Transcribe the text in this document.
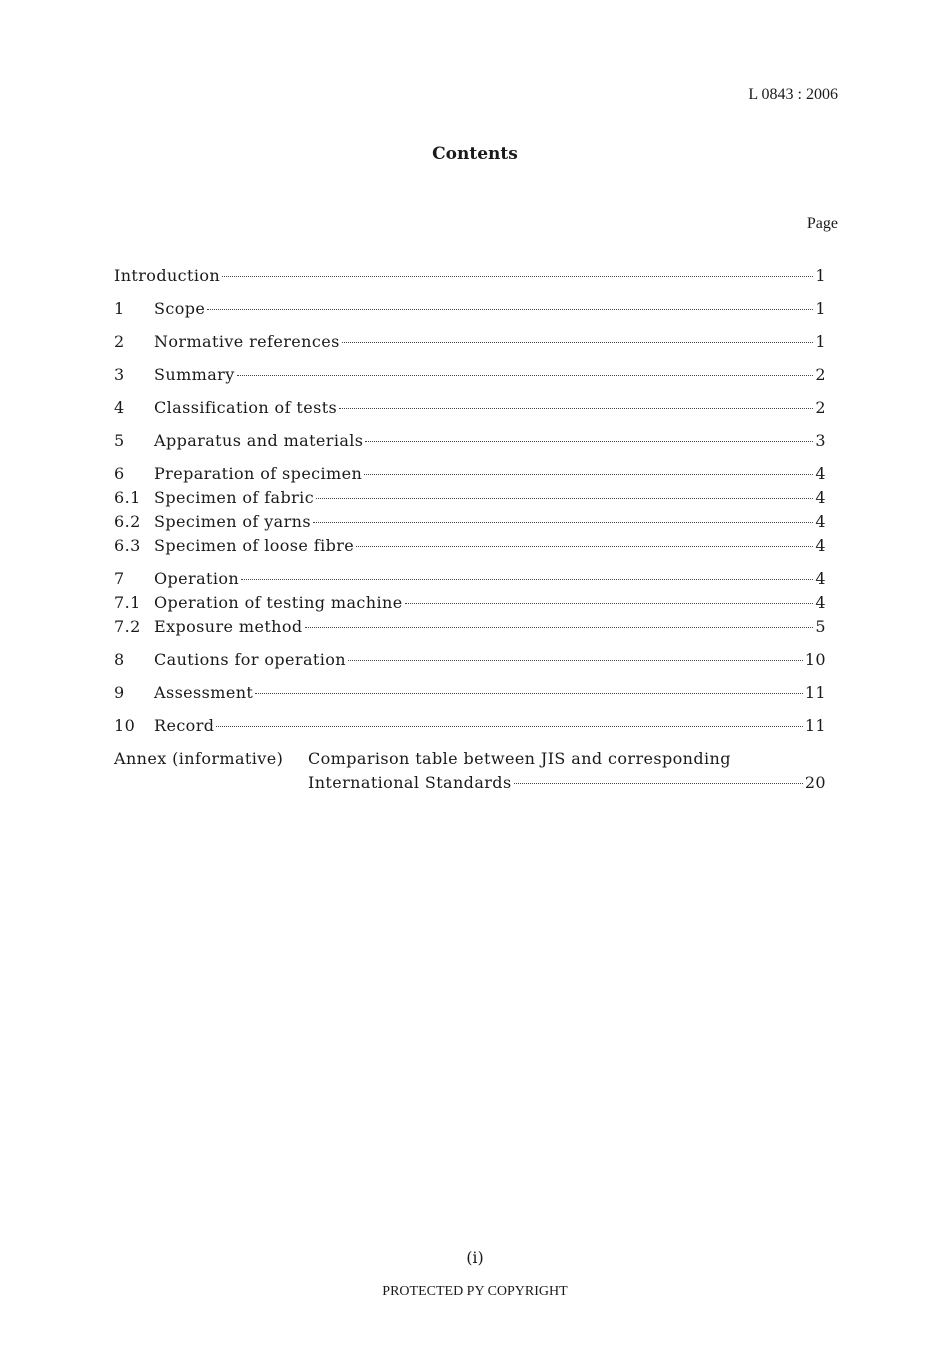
L 0843 : 2006
Contents
Page
Introduction	1
1	Scope	1
2	Normative references	1
3	Summary	2
4	Classification of tests	2
5	Apparatus and materials	3
6	Preparation of specimen	4
6.1 Specimen of fabric	4
6.2 Specimen of yarns	4
6.3 Specimen of loose fibre	4
7	Operation	4
7.1 Operation of testing machine	4
7.2 Exposure method	5
8	Cautions for operation	10
9	Assessment	11
10	Record	11
Annex (informative)	Comparison table between JIS and corresponding
International Standards	20
(i)
PROTECTED PY COPYRIGHT
